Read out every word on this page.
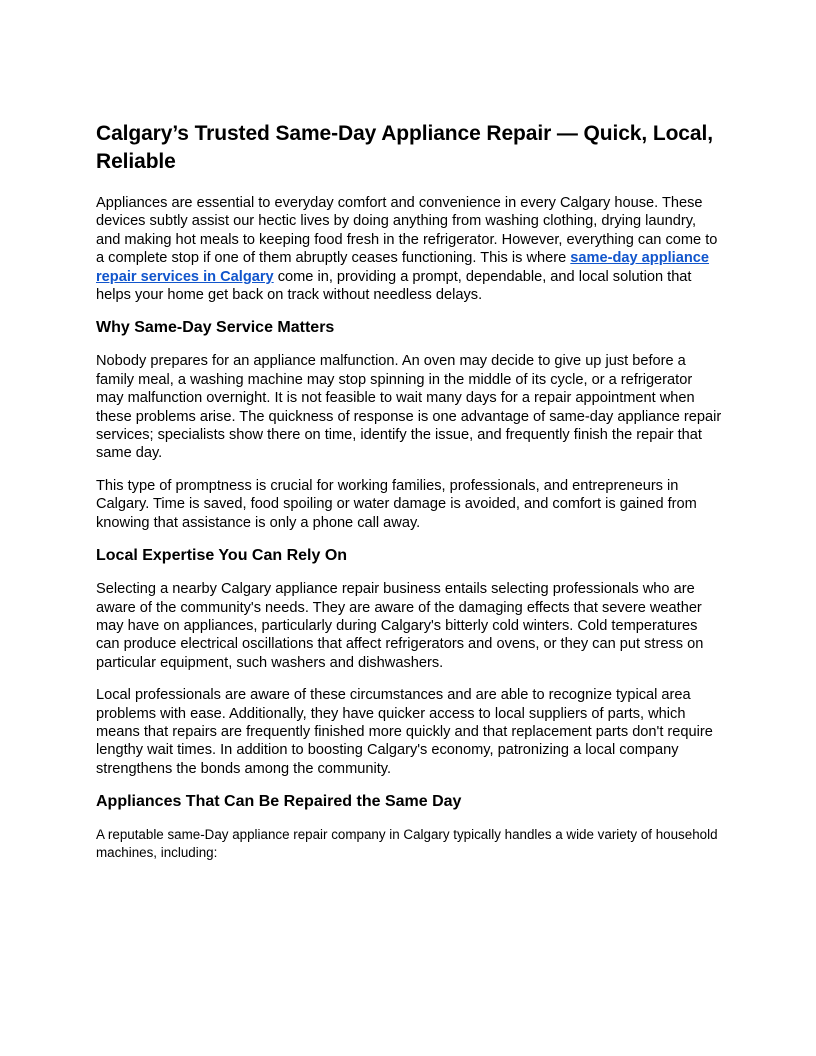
Calgary’s Trusted Same-Day Appliance Repair — Quick, Local, Reliable

Appliances are essential to everyday comfort and convenience in every Calgary house. These devices subtly assist our hectic lives by doing anything from washing clothing, drying laundry, and making hot meals to keeping food fresh in the refrigerator. However, everything can come to a complete stop if one of them abruptly ceases functioning. This is where same-day appliance repair services in Calgary come in, providing a prompt, dependable, and local solution that helps your home get back on track without needless delays.

Why Same-Day Service Matters

Nobody prepares for an appliance malfunction. An oven may decide to give up just before a family meal, a washing machine may stop spinning in the middle of its cycle, or a refrigerator may malfunction overnight. It is not feasible to wait many days for a repair appointment when these problems arise. The quickness of response is one advantage of same-day appliance repair services; specialists show there on time, identify the issue, and frequently finish the repair that same day.

This type of promptness is crucial for working families, professionals, and entrepreneurs in Calgary. Time is saved, food spoiling or water damage is avoided, and comfort is gained from knowing that assistance is only a phone call away.

Local Expertise You Can Rely On

Selecting a nearby Calgary appliance repair business entails selecting professionals who are aware of the community's needs. They are aware of the damaging effects that severe weather may have on appliances, particularly during Calgary's bitterly cold winters. Cold temperatures can produce electrical oscillations that affect refrigerators and ovens, or they can put stress on particular equipment, such washers and dishwashers.

Local professionals are aware of these circumstances and are able to recognize typical area problems with ease. Additionally, they have quicker access to local suppliers of parts, which means that repairs are frequently finished more quickly and that replacement parts don't require lengthy wait times. In addition to boosting Calgary's economy, patronizing a local company strengthens the bonds among the community.

Appliances That Can Be Repaired the Same Day

A reputable same-Day appliance repair company in Calgary typically handles a wide variety of household machines, including:
